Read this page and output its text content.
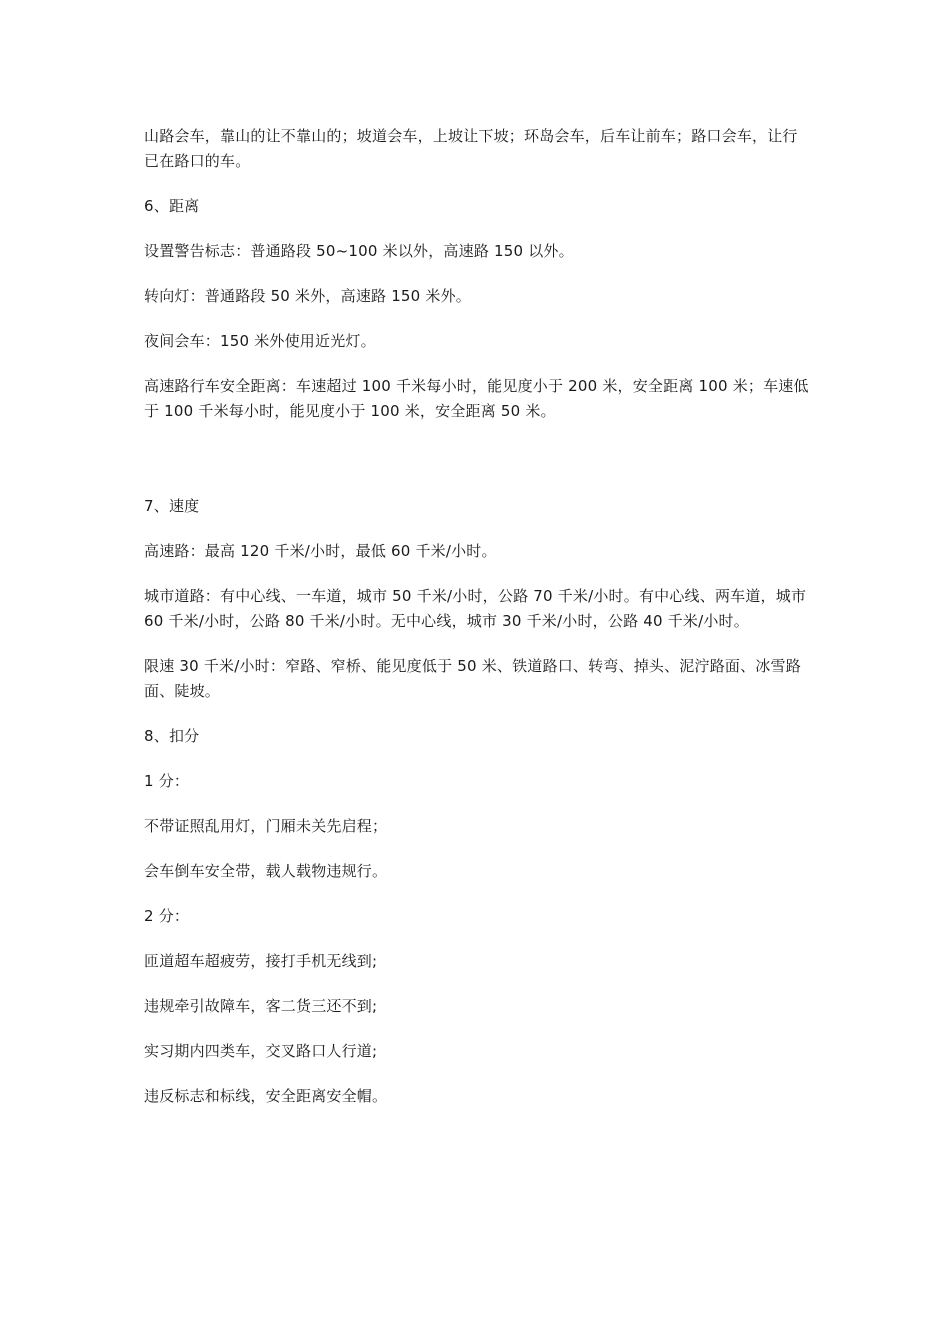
山路会车，靠山的让不靠山的；坡道会车，上坡让下坡；环岛会车，后车让前车；路口会车，让行已在路口的车。

6、距离

设置警告标志：普通路段 50~100 米以外，高速路 150 以外。

转向灯：普通路段 50 米外，高速路 150 米外。

夜间会车：150 米外使用近光灯。

高速路行车安全距离：车速超过 100 千米每小时，能见度小于 200 米，安全距离 100 米；车速低于 100 千米每小时，能见度小于 100 米，安全距离 50 米。

7、速度

高速路：最高 120 千米/小时，最低 60 千米/小时。

城市道路：有中心线、一车道，城市 50 千米/小时，公路 70 千米/小时。有中心线、两车道，城市 60 千米/小时，公路 80 千米/小时。无中心线，城市 30 千米/小时，公路 40 千米/小时。

限速 30 千米/小时：窄路、窄桥、能见度低于 50 米、铁道路口、转弯、掉头、泥泞路面、冰雪路面、陡坡。

8、扣分

1 分：

不带证照乱用灯，门厢未关先启程；

会车倒车安全带，载人载物违规行。

2 分：

匝道超车超疲劳，接打手机无线到;

违规牵引故障车，客二货三还不到;

实习期内四类车，交叉路口人行道;

违反标志和标线，安全距离安全帽。
